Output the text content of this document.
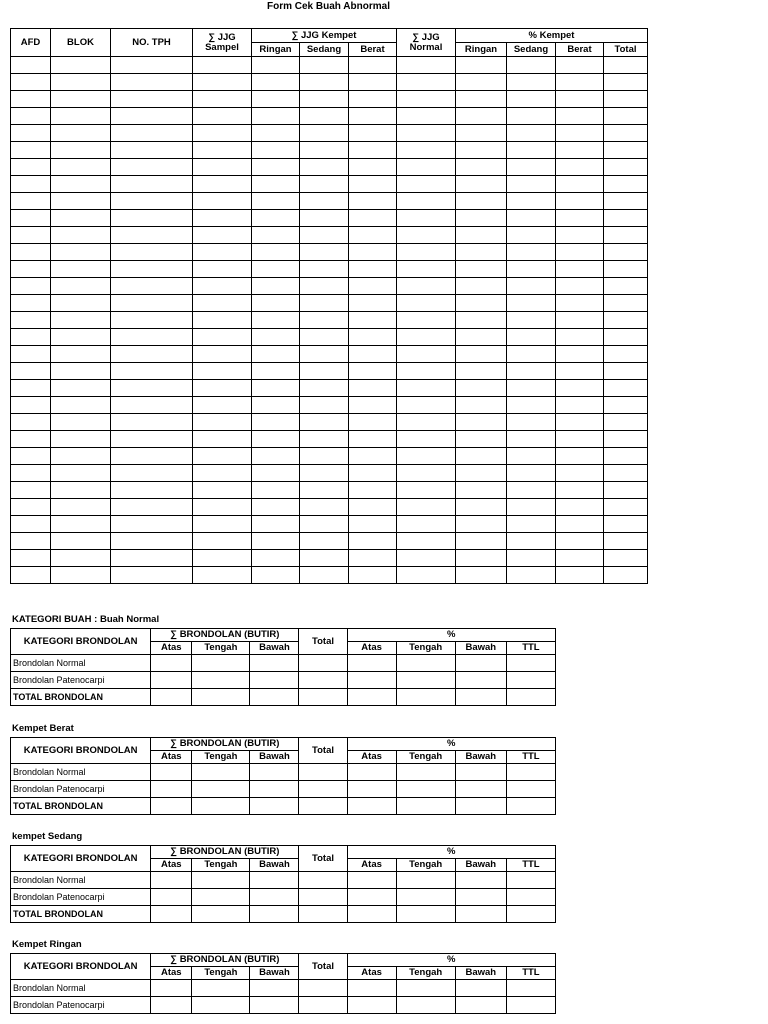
Form Cek Buah Abnormal
AFD	BLOK	NO. TPH	∑ JJG Sampel	∑ JJG Kempet			∑ JJG Normal	% Kempet			
				Ringan	Sedang	Berat		Ringan	Sedang	Berat	Total

KATEGORI BUAH : Buah Normal
KATEGORI BRONDOLAN	∑ BRONDOLAN (BUTIR)			Total	%			
	Atas	Tengah	Bawah		Atas	Tengah	Bawah	TTL
Brondolan Normal								
Brondolan Patenocarpi								
TOTAL BRONDOLAN								
Kempet Berat
KATEGORI BRONDOLAN	∑ BRONDOLAN (BUTIR)			Total	%			
	Atas	Tengah	Bawah		Atas	Tengah	Bawah	TTL
Brondolan Normal								
Brondolan Patenocarpi								
TOTAL BRONDOLAN								
kempet Sedang
KATEGORI BRONDOLAN	∑ BRONDOLAN (BUTIR)			Total	%			
	Atas	Tengah	Bawah		Atas	Tengah	Bawah	TTL
Brondolan Normal								
Brondolan Patenocarpi								
TOTAL BRONDOLAN								
Kempet Ringan
KATEGORI BRONDOLAN	∑ BRONDOLAN (BUTIR)			Total	%			
	Atas	Tengah	Bawah		Atas	Tengah	Bawah	TTL
Brondolan Normal								
Brondolan Patenocarpi								
